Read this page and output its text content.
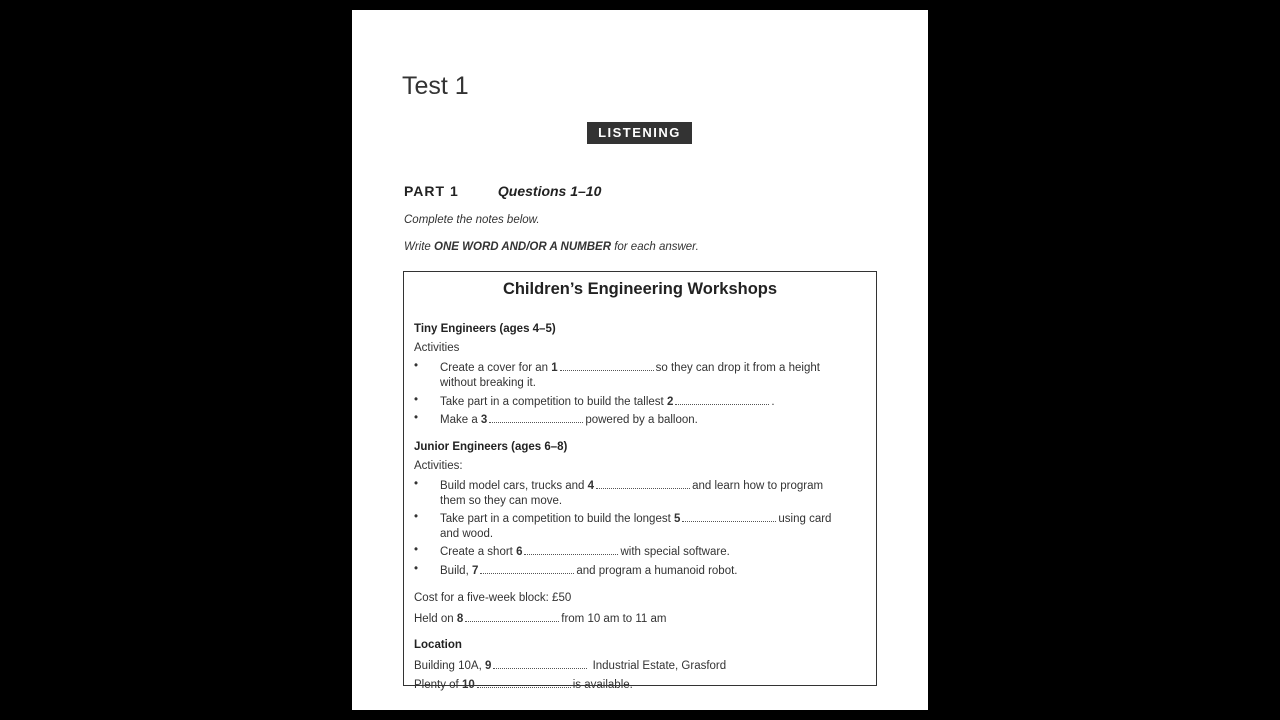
Test 1
LISTENING
PART 1	Questions 1–10
Complete the notes below.
Write ONE WORD AND/OR A NUMBER for each answer.
Children’s Engineering Workshops
Tiny Engineers (ages 4–5)
Activities
• Create a cover for an 1	so they can drop it from a height
without breaking it.
• Take part in a competition to build the tallest 2	.
• Make a 3	powered by a balloon.
Junior Engineers (ages 6–8)
Activities:
• Build model cars, trucks and 4	and learn how to program
them so they can move.
• Take part in a competition to build the longest 5	using card
and wood.
• Create a short 6	with special software.
• Build, 7	and program a humanoid robot.
Cost for a five-week block: £50
Held on 8	from 10 am to 11 am
Location
Building 10A, 9	Industrial Estate, Grasford
Plenty of 10	is available.
